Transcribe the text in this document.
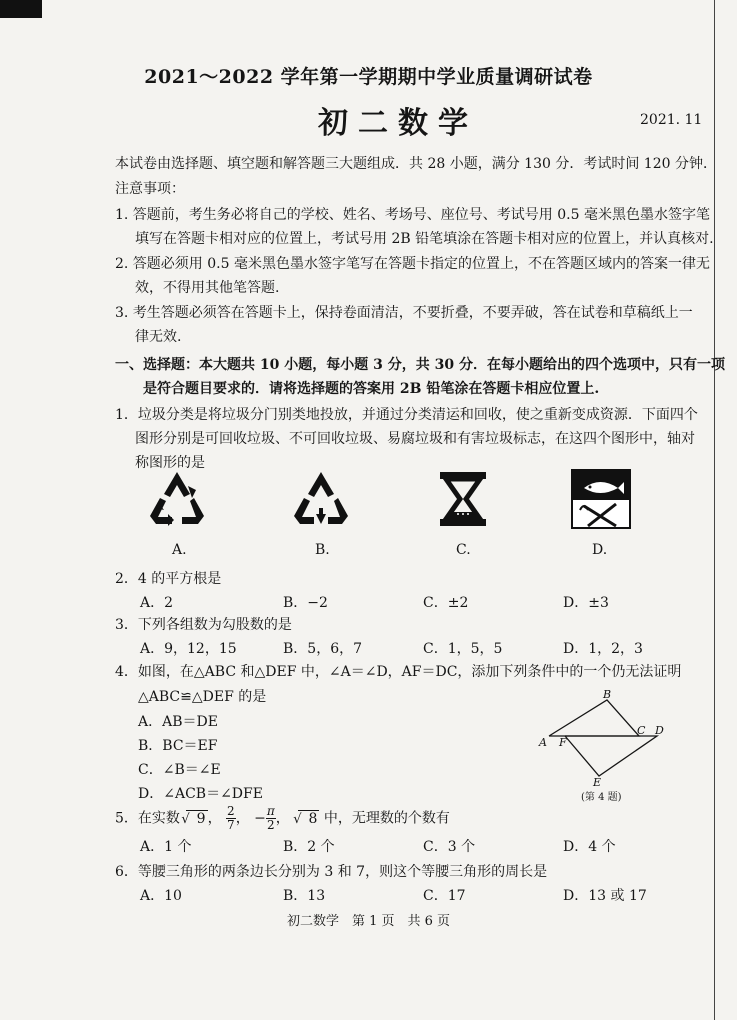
2021～2022 学年第一学期期中学业质量调研试卷
初二数学	2021. 11
本试卷由选择题、填空题和解答题三大题组成．共 28 小题，满分 130 分．考试时间 120 分钟．
注意事项：
1. 答题前，考生务必将自己的学校、姓名、考场号、座位号、考试号用 0.5 毫米黑色墨水签字笔
填写在答题卡相对应的位置上，考试号用 2B 铅笔填涂在答题卡相对应的位置上，并认真核对.
2. 答题必须用 0.5 毫米黑色墨水签字笔写在答题卡指定的位置上，不在答题区域内的答案一律无
效，不得用其他笔答题.
3. 考生答题必须答在答题卡上，保持卷面清洁，不要折叠，不要弄破，答在试卷和草稿纸上一
律无效.
一、选择题：本大题共 10 小题，每小题 3 分，共 30 分．在每小题给出的四个选项中，只有一项
是符合题目要求的．请将选择题的答案用 2B 铅笔涂在答题卡相应位置上.
1．垃圾分类是将垃圾分门别类地投放，并通过分类清运和回收，使之重新变成资源．下面四个
图形分别是可回收垃圾、不可回收垃圾、易腐垃圾和有害垃圾标志，在这四个图形中，轴对
称图形的是
A.	B.	C.	D.
2．4 的平方根是
A．2	B．−2	C．±2	D．±3
3．下列各组数为勾股数的是
A．9，12，15	B．5，6，7	C．1，5，5	D．1，2，3
4．如图，在△ABC 和△DEF 中，∠A＝∠D，AF＝DC，添加下列条件中的一个仍无法证明
△ABC≌△DEF 的是
A．AB＝DE
B．BC＝EF
C．∠B＝∠E
D．∠ACB＝∠DFE
A
B
C D
E
F
(第 4 题)
5．在实数 √ 9 ， $\frac{2}{7}$ ， − $\frac{\pi}{2}$ ， √ 8 中，无理数的个数有
A．1 个	B．2 个	C．3 个	D．4 个
6．等腰三角形的两条边长分别为 3 和 7，则这个等腰三角形的周长是
A．10	B．13	C．17	D．13 或 17
初二数学　第 1 页　共 6 页
